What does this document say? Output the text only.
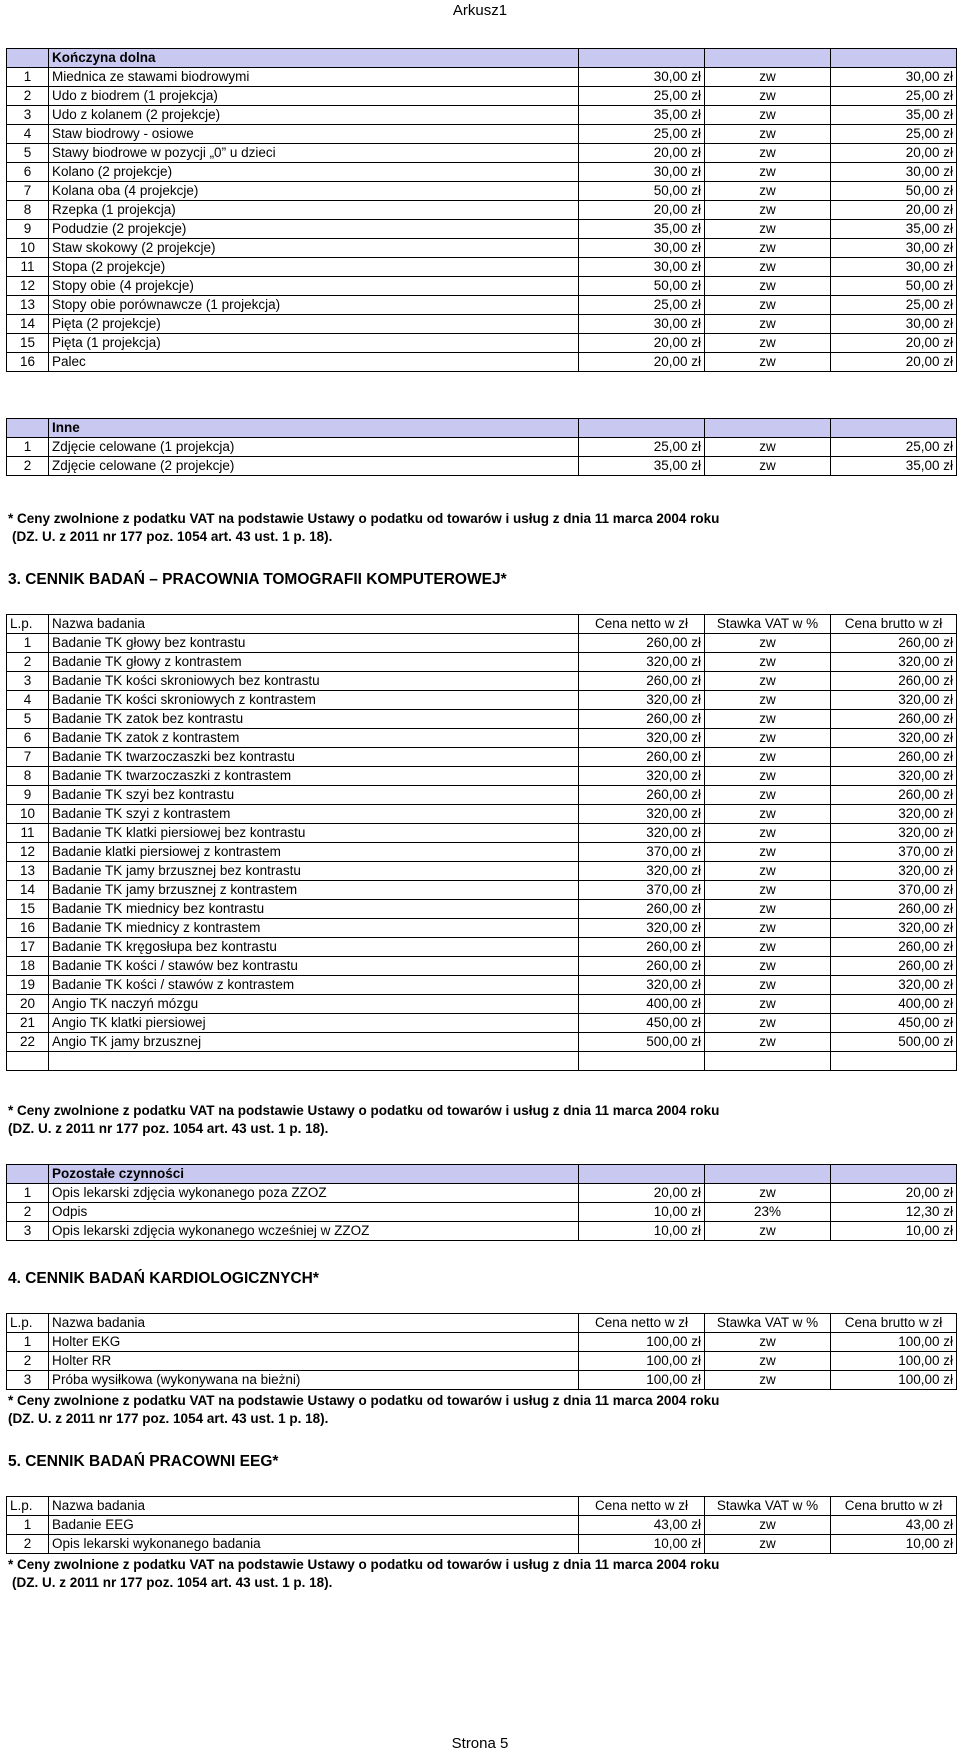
Arkusz1
	Kończyna dolna			
1	Miednica ze stawami biodrowymi	30,00 zł	zw	30,00 zł
2	Udo z biodrem (1 projekcja)	25,00 zł	zw	25,00 zł
3	Udo z kolanem (2 projekcje)	35,00 zł	zw	35,00 zł
4	Staw biodrowy - osiowe	25,00 zł	zw	25,00 zł
5	Stawy biodrowe w pozycji „0” u dzieci	20,00 zł	zw	20,00 zł
6	Kolano (2 projekcje)	30,00 zł	zw	30,00 zł
7	Kolana oba (4 projekcje)	50,00 zł	zw	50,00 zł
8	Rzepka (1 projekcja)	20,00 zł	zw	20,00 zł
9	Podudzie (2 projekcje)	35,00 zł	zw	35,00 zł
10	Staw skokowy (2 projekcje)	30,00 zł	zw	30,00 zł
11	Stopa (2 projekcje)	30,00 zł	zw	30,00 zł
12	Stopy obie (4 projekcje)	50,00 zł	zw	50,00 zł
13	Stopy obie porównawcze (1 projekcja)	25,00 zł	zw	25,00 zł
14	Pięta (2 projekcje)	30,00 zł	zw	30,00 zł
15	Pięta (1 projekcja)	20,00 zł	zw	20,00 zł
16	Palec	20,00 zł	zw	20,00 zł
	Inne			
1	Zdjęcie celowane (1 projekcja)	25,00 zł	zw	25,00 zł
2	Zdjęcie celowane (2 projekcje)	35,00 zł	zw	35,00 zł
* Ceny zwolnione z podatku VAT na podstawie Ustawy o podatku od towarów i usług z dnia 11 marca 2004 roku
(DZ. U. z 2011 nr 177 poz. 1054 art. 43 ust. 1 p. 18).
3. CENNIK BADAŃ – PRACOWNIA TOMOGRAFII KOMPUTEROWEJ*
L.p.	Nazwa badania	Cena netto w zł	Stawka VAT w %	Cena brutto w zł
1	Badanie TK głowy bez kontrastu	260,00 zł	zw	260,00 zł
2	Badanie TK głowy z kontrastem	320,00 zł	zw	320,00 zł
3	Badanie TK kości skroniowych bez kontrastu	260,00 zł	zw	260,00 zł
4	Badanie TK kości skroniowych z kontrastem	320,00 zł	zw	320,00 zł
5	Badanie TK zatok bez kontrastu	260,00 zł	zw	260,00 zł
6	Badanie TK zatok z kontrastem	320,00 zł	zw	320,00 zł
7	Badanie TK twarzoczaszki bez kontrastu	260,00 zł	zw	260,00 zł
8	Badanie TK twarzoczaszki z kontrastem	320,00 zł	zw	320,00 zł
9	Badanie TK szyi bez kontrastu	260,00 zł	zw	260,00 zł
10	Badanie TK szyi z kontrastem	320,00 zł	zw	320,00 zł
11	Badanie TK klatki piersiowej bez kontrastu	320,00 zł	zw	320,00 zł
12	Badanie klatki piersiowej z kontrastem	370,00 zł	zw	370,00 zł
13	Badanie TK jamy brzusznej bez kontrastu	320,00 zł	zw	320,00 zł
14	Badanie TK jamy brzusznej z kontrastem	370,00 zł	zw	370,00 zł
15	Badanie TK miednicy bez kontrastu	260,00 zł	zw	260,00 zł
16	Badanie TK miednicy z kontrastem	320,00 zł	zw	320,00 zł
17	Badanie TK kręgosłupa bez kontrastu	260,00 zł	zw	260,00 zł
18	Badanie TK kości / stawów bez kontrastu	260,00 zł	zw	260,00 zł
19	Badanie TK kości / stawów z kontrastem	320,00 zł	zw	320,00 zł
20	Angio TK naczyń mózgu	400,00 zł	zw	400,00 zł
21	Angio TK klatki piersiowej	450,00 zł	zw	450,00 zł
22	Angio TK jamy brzusznej	500,00 zł	zw	500,00 zł

* Ceny zwolnione z podatku VAT na podstawie Ustawy o podatku od towarów i usług z dnia 11 marca 2004 roku
(DZ. U. z 2011 nr 177 poz. 1054 art. 43 ust. 1 p. 18).
	Pozostałe czynności			
1	Opis lekarski zdjęcia wykonanego poza ZZOZ	20,00 zł	zw	20,00 zł
2	Odpis	10,00 zł	23%	12,30 zł
3	Opis lekarski zdjęcia wykonanego wcześniej w ZZOZ	10,00 zł	zw	10,00 zł
4. CENNIK BADAŃ KARDIOLOGICZNYCH*
L.p.	Nazwa badania	Cena netto w zł	Stawka VAT w %	Cena brutto w zł
1	Holter EKG	100,00 zł	zw	100,00 zł
2	Holter RR	100,00 zł	zw	100,00 zł
3	Próba wysiłkowa (wykonywana na bieżni)	100,00 zł	zw	100,00 zł
* Ceny zwolnione z podatku VAT na podstawie Ustawy o podatku od towarów i usług z dnia 11 marca 2004 roku
(DZ. U. z 2011 nr 177 poz. 1054 art. 43 ust. 1 p. 18).
5. CENNIK BADAŃ PRACOWNI EEG*
L.p.	Nazwa badania	Cena netto w zł	Stawka VAT w %	Cena brutto w zł
1	Badanie EEG	43,00 zł	zw	43,00 zł
2	Opis lekarski wykonanego badania	10,00 zł	zw	10,00 zł
* Ceny zwolnione z podatku VAT na podstawie Ustawy o podatku od towarów i usług z dnia 11 marca 2004 roku
(DZ. U. z 2011 nr 177 poz. 1054 art. 43 ust. 1 p. 18).
Strona 5
